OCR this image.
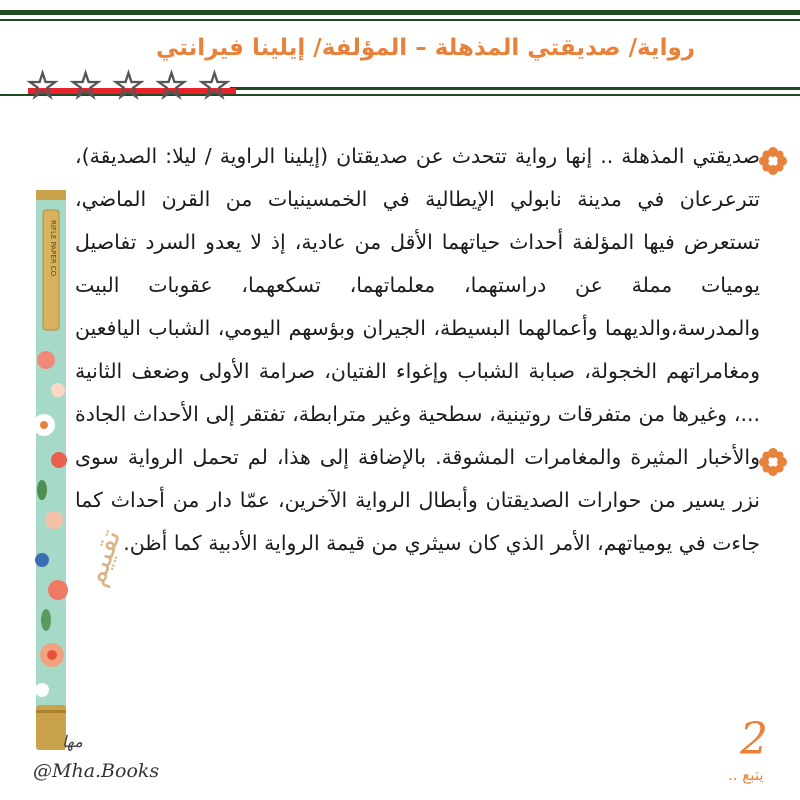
رواية/ صديقتي المذهلة – المؤلفة/ إيلينا فيرانتي
☆ ☆ ☆ ☆ ☆

صديقتي المذهلة .. إنها رواية تتحدث عن صديقتان (إيلينا الراوية / ليلا: الصديقة)، تترعرعان في مدينة نابولي الإيطالية في الخمسينيات من القرن الماضي، تستعرض فيها المؤلفة أحداث حياتهما الأقل من عادية، إذ لا يعدو السرد تفاصيل يوميات مملة عن دراستهما، معلماتهما، تسكعهما، عقوبات البيت والمدرسة،والديهما وأعمالهما البسيطة، الجيران وبؤسهم اليومي، الشباب اليافعين ومغامراتهم الخجولة، صبابة الشباب وإغواء الفتيان، صرامة الأولى وضعف الثانية ...، وغيرها من متفرقات روتينية، سطحية وغير مترابطة، تفتقر إلى الأحداث الجادة والأخبار المثيرة والمغامرات المشوقة. بالإضافة إلى هذا، لم تحمل الرواية سوى نزر يسير من حوارات الصديقتان وأبطال الرواية الآخرين، عمّا دار من أحداث كما جاءت في يومياتهم، الأمر الذي كان سيثري من قيمة الرواية الأدبية كما أظن.

RIFLE PAPER CO.
تقييم
مها
@Mha.Books
2
يتبع ..
